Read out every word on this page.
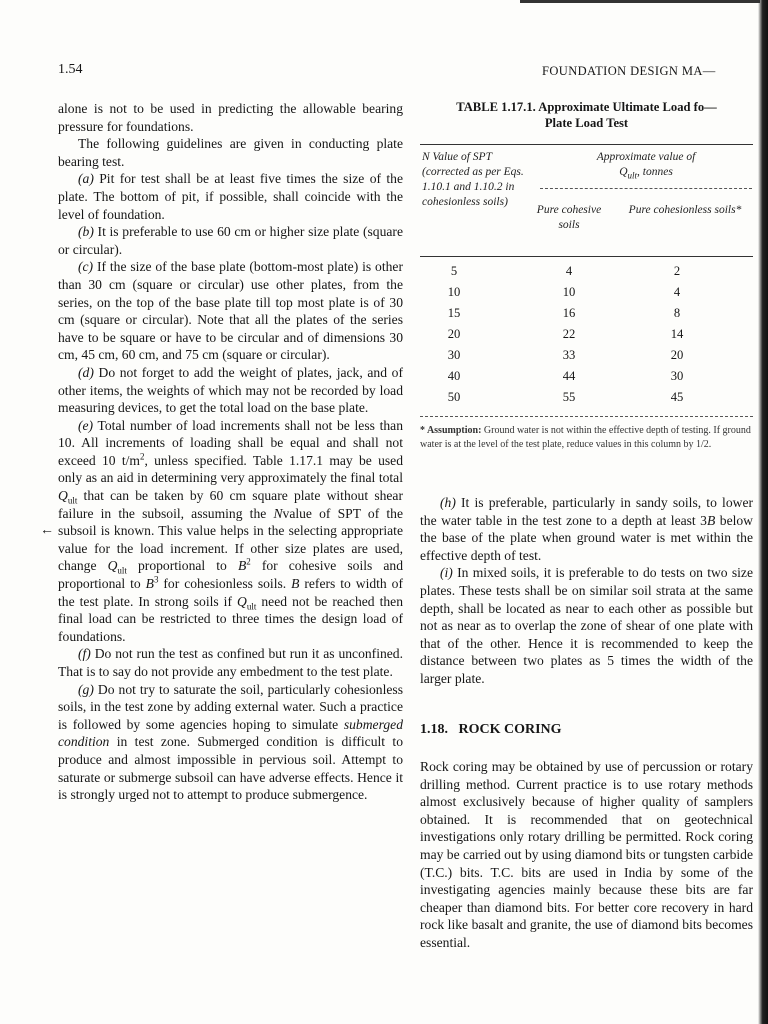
1.54	FOUNDATION DESIGN MA—
←

alone is not to be used in predicting the allowable bearing pressure for foundations.

The following guidelines are given in conducting plate bearing test.

(a) Pit for test shall be at least five times the size of the plate. The bottom of pit, if possible, shall coincide with the level of foundation.

(b) It is preferable to use 60 cm or higher size plate (square or circular).

(c) If the size of the base plate (bottom-most plate) is other than 30 cm (square or circular) use other plates, from the series, on the top of the base plate till top most plate is of 30 cm (square or circular). Note that all the plates of the series have to be square or have to be circular and of dimensions 30 cm, 45 cm, 60 cm, and 75 cm (square or circular).

(d) Do not forget to add the weight of plates, jack, and of other items, the weights of which may not be recorded by load measuring devices, to get the total load on the base plate.

(e) Total number of load increments shall not be less than 10. All increments of loading shall be equal and shall not exceed 10 $t/m^2$, unless specified. Table 1.17.1 may be used only as an aid in determining very approximately the final total $Q_{ult}$ that can be taken by 60 cm square plate without shear failure in the subsoil, assuming the Nvalue of SPT of the subsoil is known. This value helps in the selecting appropriate value for the load increment. If other size plates are used, change $Q_{ult}$ proportional to $B^2$ for cohesive soils and proportional to $B^3$ for cohesionless soils. B refers to width of the test plate. In strong soils if $Q_{ult}$ need not be reached then final load can be restricted to three times the design load of foundations.

(f) Do not run the test as confined but run it as unconfined. That is to say do not provide any embedment to the test plate.

(g) Do not try to saturate the soil, particularly cohesionless soils, in the test zone by adding external water. Such a practice is followed by some agencies hoping to simulate submerged condition in test zone. Submerged condition is difficult to produce and almost impossible in pervious soil. Attempt to saturate or submerge subsoil can have adverse effects. Hence it is strongly urged not to attempt to produce submergence.

TABLE 1.17.1. Approximate Ultimate Load fo—
Plate Load Test
N Value of SPT (corrected as per Eqs. 1.10.1 and 1.10.2 in cohesionless soils)
Approximate value of
$Q_{ult}$, tonnes
Pure cohesive soils
Pure cohesionless soils*
5	4	2
10	10	4
15	16	8
20	22	14
30	33	20
40	44	30
50	55	45
* Assumption: Ground water is not within the effective depth of testing. If ground water is at the level of the test plate, reduce values in this column by 1/2.

(h) It is preferable, particularly in sandy soils, to lower the water table in the test zone to a depth at least 3B below the base of the plate when ground water is met within the effective depth of test.

(i) In mixed soils, it is preferable to do tests on two size plates. These tests shall be on similar soil strata at the same depth, shall be located as near to each other as possible but not as near as to overlap the zone of shear of one plate with that of the other. Hence it is recommended to keep the distance between two plates as 5 times the width of the larger plate.

1.18. ROCK CORING

Rock coring may be obtained by use of percussion or rotary drilling method. Current practice is to use rotary methods almost exclusively because of higher quality of samplers obtained. It is recommended that on geotechnical investigations only rotary drilling be permitted. Rock coring may be carried out by using diamond bits or tungsten carbide (T.C.) bits. T.C. bits are used in India by some of the investigating agencies mainly because these bits are far cheaper than diamond bits. For better core recovery in hard rock like basalt and granite, the use of diamond bits becomes essential.
